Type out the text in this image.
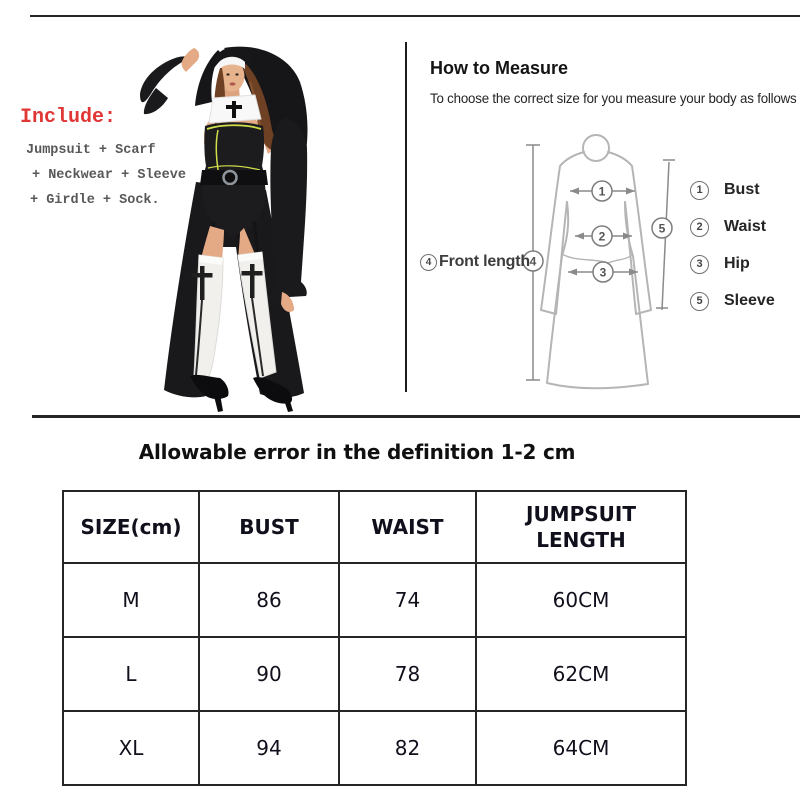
Include:
Jumpsuit + Scarf
+ Neckwear + Sleeve
+ Girdle + Sock.
How to Measure
To choose the correct size for you measure your body as follows
1
2
3
4
5
4 Front length
1	Bust
2	Waist
3	Hip
5	Sleeve
Allowable error in the definition 1-2 cm
SIZE(cm)	BUST	WAIST	JUMPSUIT LENGTH
M	86	74	60CM
L	90	78	62CM
XL	94	82	64CM
